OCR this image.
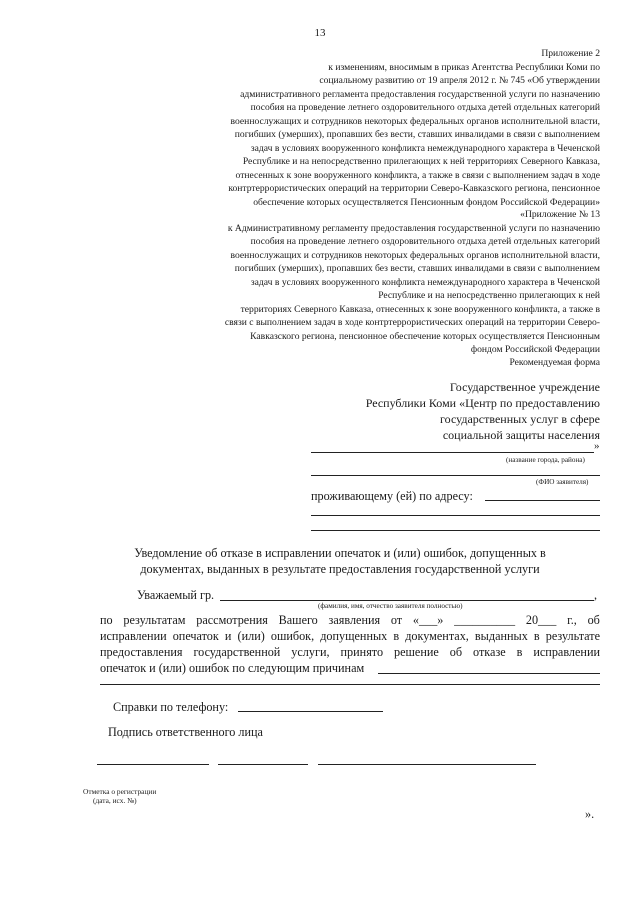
13
Приложение 2
к изменениям, вносимым в приказ Агентства Республики Коми по
социальному развитию от 19 апреля 2012 г. № 745 «Об утверждении
административного регламента предоставления государственной услуги по назначению
пособия на проведение летнего оздоровительного отдыха детей отдельных категорий
военнослужащих и сотрудников некоторых федеральных органов исполнительной власти,
погибших (умерших), пропавших без вести, ставших инвалидами в связи с выполнением
задач в условиях вооруженного конфликта немеждународного характера в Чеченской
Республике и на непосредственно прилегающих к ней территориях Северного Кавказа,
отнесенных к зоне вооруженного конфликта, а также в связи с выполнением задач в ходе
контртеррористических операций на территории Северо-Кавказского региона, пенсионное
обеспечение которых осуществляется Пенсионным фондом Российской Федерации»
«Приложение № 13
к Административному регламенту предоставления государственной услуги по назначению
пособия на проведение летнего оздоровительного отдыха детей отдельных категорий
военнослужащих и сотрудников некоторых федеральных органов исполнительной власти,
погибших (умерших), пропавших без вести, ставших инвалидами в связи с выполнением
задач в условиях вооруженного конфликта немеждународного характера в Чеченской
Республике и на непосредственно прилегающих к ней
территориях Северного Кавказа, отнесенных к зоне вооруженного конфликта, а также в
связи с выполнением задач в ходе контртеррористических операций на территории Северо-
Кавказского региона, пенсионное обеспечение которых осуществляется Пенсионным
фондом Российской Федерации
Рекомендуемая форма
Государственное учреждение
Республики Коми «Центр по предоставлению
государственных услуг в сфере
социальной защиты населения
»
(название города, района)
(ФИО заявителя)
проживающему (ей) по адресу:
Уведомление об отказе в исправлении опечаток и (или) ошибок, допущенных в
документах, выданных в результате предоставления государственной услуги
Уважаемый гр.	,
(фамилия, имя, отчество заявителя полностью)
по результатам рассмотрения Вашего заявления от «___» __________ 20___ г., об
исправлении опечаток и (или) ошибок, допущенных в документах, выданных в результате
предоставления государственной услуги, принято решение об отказе в исправлении
опечаток и (или) ошибок по следующим причинам
Справки по телефону:
Подпись ответственного лица
Отметка о регистрации
(дата, исх. №)
».
